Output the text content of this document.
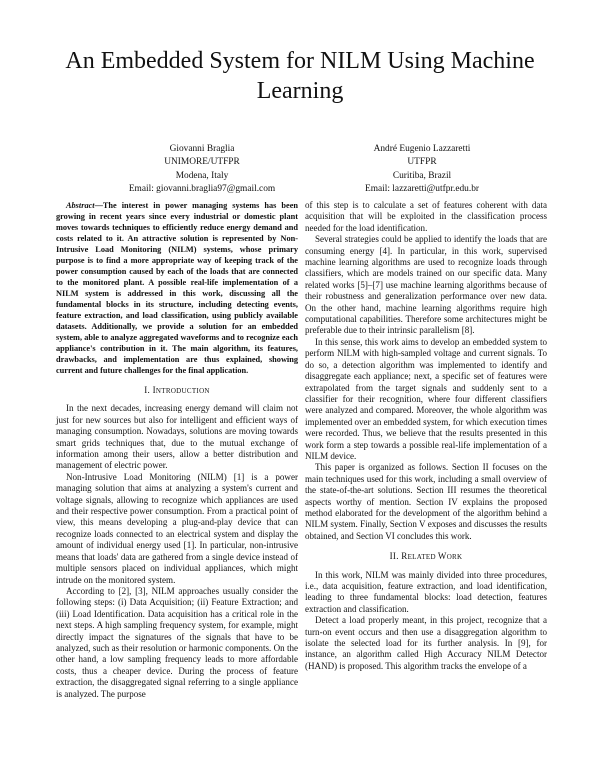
An Embedded System for NILM Using Machine Learning
Giovanni Braglia
UNIMORE/UTFPR
Modena, Italy
Email: giovanni.braglia97@gmail.com
André Eugenio Lazzaretti
UTFPR
Curitiba, Brazil
Email: lazzaretti@utfpr.edu.br

Abstract—The interest in power managing systems has been growing in recent years since every industrial or domestic plant moves towards techniques to efficiently reduce energy demand and costs related to it. An attractive solution is represented by Non-Intrusive Load Monitoring (NILM) systems, whose primary purpose is to find a more appropriate way of keeping track of the power consumption caused by each of the loads that are connected to the monitored plant. A possible real-life implementation of a NILM system is addressed in this work, discussing all the fundamental blocks in its structure, including detecting events, feature extraction, and load classification, using publicly available datasets. Additionally, we provide a solution for an embedded system, able to analyze aggregated waveforms and to recognize each appliance's contribution in it. The main algorithm, its features, drawbacks, and implementation are thus explained, showing current and future challenges for the final application.

I. INTRODUCTION

In the next decades, increasing energy demand will claim not just for new sources but also for intelligent and efficient ways of managing consumption. Nowadays, solutions are moving towards smart grids techniques that, due to the mutual exchange of information among their users, allow a better distribution and management of electric power.

Non-Intrusive Load Monitoring (NILM) [1] is a power managing solution that aims at analyzing a system's current and voltage signals, allowing to recognize which appliances are used and their respective power consumption. From a practical point of view, this means developing a plug-and-play device that can recognize loads connected to an electrical system and display the amount of individual energy used [1]. In particular, non-intrusive means that loads' data are gathered from a single device instead of multiple sensors placed on individual appliances, which might intrude on the monitored system.

According to [2], [3], NILM approaches usually consider the following steps: (i) Data Acquisition; (ii) Feature Extraction; and (iii) Load Identification. Data acquisition has a critical role in the next steps. A high sampling frequency system, for example, might directly impact the signatures of the signals that have to be analyzed, such as their resolution or harmonic components. On the other hand, a low sampling frequency leads to more affordable costs, thus a cheaper device. During the process of feature extraction, the disaggregated signal referring to a single appliance is analyzed. The purpose

of this step is to calculate a set of features coherent with data acquisition that will be exploited in the classification process needed for the load identification.

Several strategies could be applied to identify the loads that are consuming energy [4]. In particular, in this work, supervised machine learning algorithms are used to recognize loads through classifiers, which are models trained on our specific data. Many related works [5]–[7] use machine learning algorithms because of their robustness and generalization performance over new data. On the other hand, machine learning algorithms require high computational capabilities. Therefore some architectures might be preferable due to their intrinsic parallelism [8].

In this sense, this work aims to develop an embedded system to perform NILM with high-sampled voltage and current signals. To do so, a detection algorithm was implemented to identify and disaggregate each appliance; next, a specific set of features were extrapolated from the target signals and suddenly sent to a classifier for their recognition, where four different classifiers were analyzed and compared. Moreover, the whole algorithm was implemented over an embedded system, for which execution times were recorded. Thus, we believe that the results presented in this work form a step towards a possible real-life implementation of a NILM device.

This paper is organized as follows. Section II focuses on the main techniques used for this work, including a small overview of the state-of-the-art solutions. Section III resumes the theoretical aspects worthy of mention. Section IV explains the proposed method elaborated for the development of the algorithm behind a NILM system. Finally, Section V exposes and discusses the results obtained, and Section VI concludes this work.

II. RELATED WORK

In this work, NILM was mainly divided into three procedures, i.e., data acquisition, feature extraction, and load identification, leading to three fundamental blocks: load detection, features extraction and classification.

Detect a load properly meant, in this project, recognize that a turn-on event occurs and then use a disaggregation algorithm to isolate the selected load for its further analysis. In [9], for instance, an algorithm called High Accuracy NILM Detector (HAND) is proposed. This algorithm tracks the envelope of a
